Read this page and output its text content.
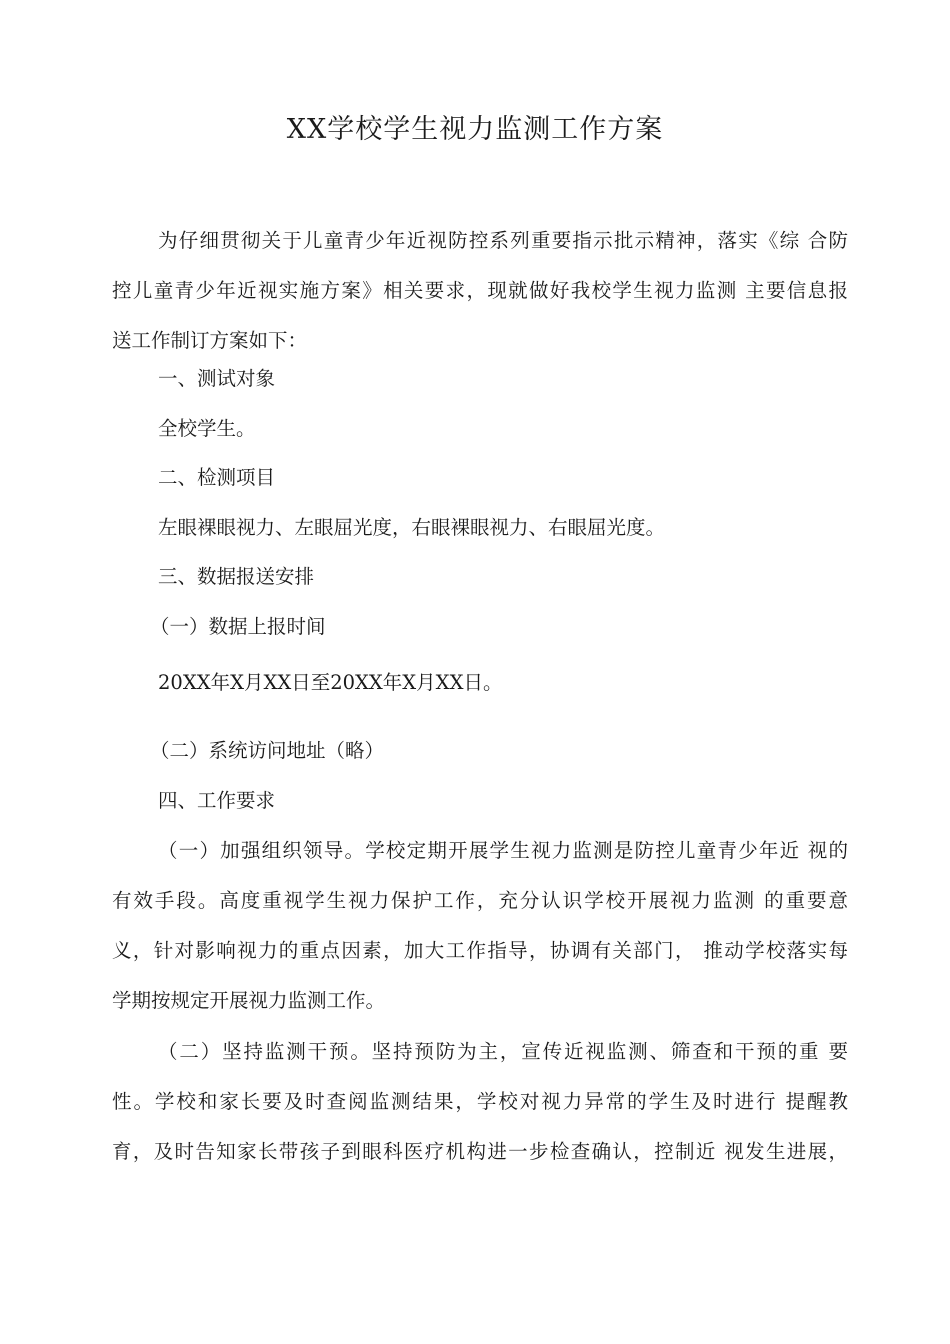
XX学校学生视力监测工作方案
为仔细贯彻关于儿童青少年近视防控系列重要指示批示精神，落实《综 合防
控儿童青少年近视实施方案》相关要求，现就做好我校学生视力监测 主要信息报
送工作制订方案如下：

一、测试对象

全校学生。

二、检测项目

左眼裸眼视力、左眼屈光度，右眼裸眼视力、右眼屈光度。

三、数据报送安排

（一）数据上报时间

20XX年X月XX日至20XX年X月XX日。

（二）系统访问地址（略）

四、工作要求

（一）加强组织领导。学校定期开展学生视力监测是防控儿童青少年近 视的
有效手段。高度重视学生视力保护工作，充分认识学校开展视力监测 的重要意
义，针对影响视力的重点因素，加大工作指导，协调有关部门， 推动学校落实每
学期按规定开展视力监测工作。
（二）坚持监测干预。坚持预防为主，宣传近视监测、筛查和干预的重 要
性。学校和家长要及时查阅监测结果，学校对视力异常的学生及时进行 提醒教
育，及时告知家长带孩子到眼科医疗机构进一步检查确认，控制近 视发生进展，
